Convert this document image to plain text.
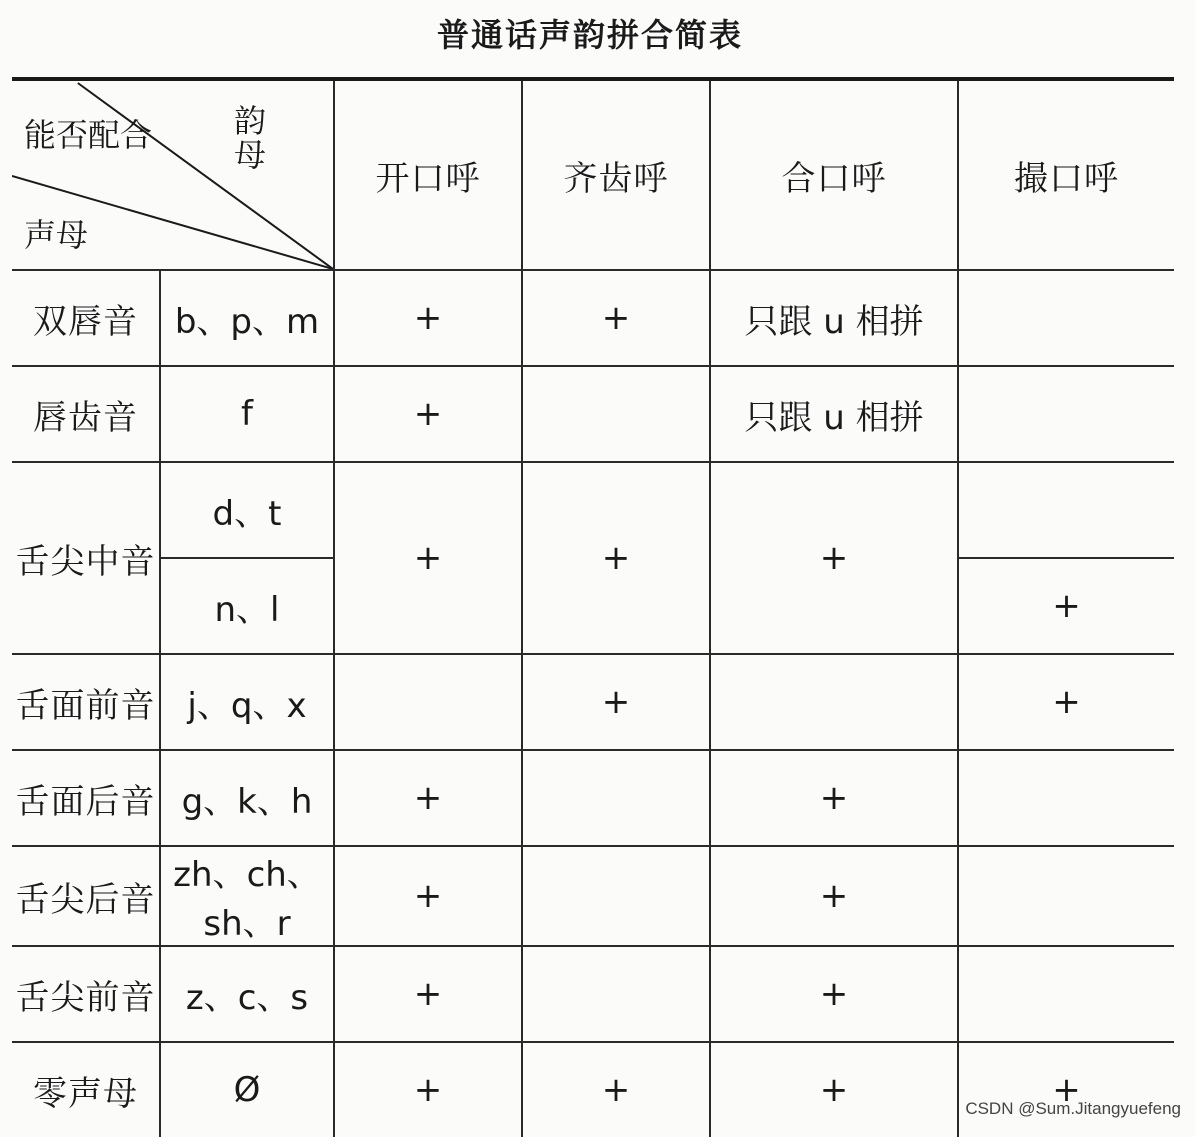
普通话声韵拼合简表
韵母
能否配合
声母		开口呼	齐齿呼	合口呼	撮口呼
双唇音	b、p、m	+	+	只跟 u 相拼	
唇齿音	f	+		只跟 u 相拼	
舌尖中音	d、t	+	+	+	
	n、l				+
舌面前音	j、q、x		+		+
舌面后音	g、k、h	+		+	
舌尖后音	zh、ch、sh、r	+		+	
舌尖前音	z、c、s	+		+	
零声母	Ø	+	+	+	+
CSDN @Sum.Jitangyuefeng
